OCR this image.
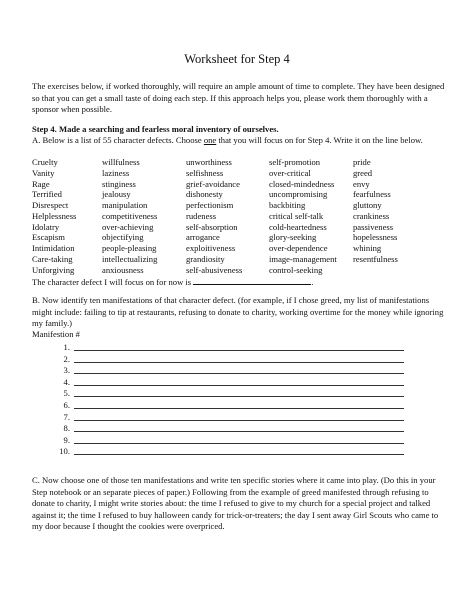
Worksheet for Step 4

The exercises below, if worked thoroughly, will require an ample amount of time to complete. They have been designed so that you can get a small taste of doing each step. If this approach helps you, please work them thoroughly with a sponsor when possible.

Step 4. Made a searching and fearless moral inventory of ourselves.

A. Below is a list of 55 character defects. Choose one that you will focus on for Step 4. Write it on the line below.

Cruelty
Vanity
Rage
Terrified
Disrespect
Helplessness
Idolatry
Escapism
Intimidation
Care-taking
Unforgiving
willfulness
laziness
stinginess
jealousy
manipulation
competitiveness
over-achieving
objectifying
people-pleasing
intellectualizing
anxiousness
unworthiness
selfishness
grief-avoidance
dishonesty
perfectionism
rudeness
self-absorption
arrogance
exploitiveness
grandiosity
self-abusiveness
self-promotion
over-critical
closed-mindedness
uncompromising
backbiting
critical self-talk
cold-heartedness
glory-seeking
over-dependence
image-management
control-seeking
pride
greed
envy
fearfulness
gluttony
crankiness
passiveness
hopelessness
whining
resentfulness

The character defect I will focus on for now is	.

B. Now identify ten manifestations of that character defect. (for example, if I chose greed, my list of manifestations might include: failing to tip at restaurants, refusing to donate to charity, working overtime for the money while ignoring my family.)

Manifestion #

1.
2.
3.
4.
5.
6.
7.
8.
9.
10.

C. Now choose one of those ten manifestations and write ten specific stories where it came into play. (Do this in your Step notebook or an separate pieces of paper.) Following from the example of greed manifested through refusing to donate to charity, I might write stories about: the time I refused to give to my church for a special project and talked against it; the time I refused to buy halloween candy for trick-or-treaters; the day I sent away Girl Scouts who came to my door because I thought the cookies were overpriced.
